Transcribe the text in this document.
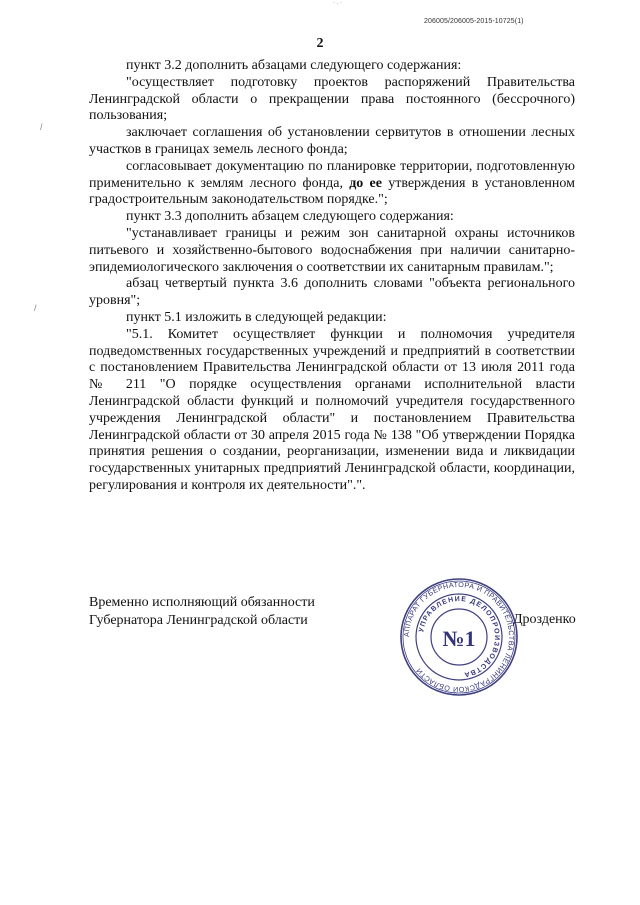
· . ·
206005/206005-2015-10725(1)
2
/
/

пункт 3.2 дополнить абзацами следующего содержания:

"осуществляет подготовку проектов распоряжений Правительства Ленинградской области о прекращении права постоянного (бессрочного) пользования;

заключает соглашения об установлении сервитутов в отношении лесных участков в границах земель лесного фонда;

согласовывает документацию по планировке территории, подготовленную применительно к землям лесного фонда, до ее утверждения в установленном градостроительным законодательством порядке.";

пункт 3.3 дополнить абзацем следующего содержания:

"устанавливает границы и режим зон санитарной охраны источников питьевого и хозяйственно-бытового водоснабжения при наличии санитарно-эпидемиологического заключения о соответствии их санитарным правилам.";

абзац четвертый пункта 3.6 дополнить словами "объекта регионального уровня";

пункт 5.1 изложить в следующей редакции:

"5.1. Комитет осуществляет функции и полномочия учредителя подведомственных государственных учреждений и предприятий в соответствии с постановлением Правительства Ленинградской области от 13 июля 2011 года № 211 "О порядке осуществления органами исполнительной власти Ленинградской области функций и полномочий учредителя государственного учреждения Ленинградской области" и постановлением Правительства Ленинградской области от 30 апреля 2015 года № 138 "Об утверждении Порядка принятия решения о создании, реорганизации, изменении вида и ликвидации государственных унитарных предприятий Ленинградской области, координации, регулирования и контроля их деятельности".".

Временно исполняющий обязанности
Губернатора Ленинградской области	Дрозденко
АППАРАТ ГУБЕРНАТОРА И ПРАВИТЕЛЬСТВА ЛЕНИНГРАДСКОЙ ОБЛАСТИ
УПРАВЛЕНИЕ ДЕЛОПРОИЗВОДСТВА
№1
